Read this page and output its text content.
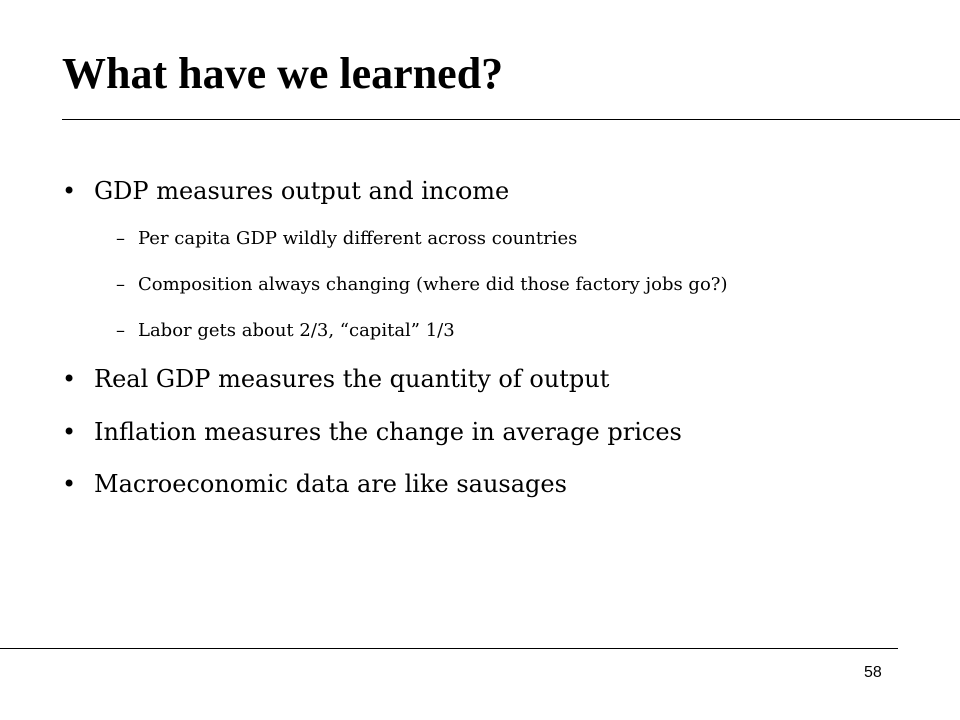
What have we learned?
• GDP measures output and income
– Per capita GDP wildly different across countries
– Composition always changing (where did those factory jobs go?)
– Labor gets about 2/3, “capital” 1/3
• Real GDP measures the quantity of output
• Inflation measures the change in average prices
• Macroeconomic data are like sausages
58
